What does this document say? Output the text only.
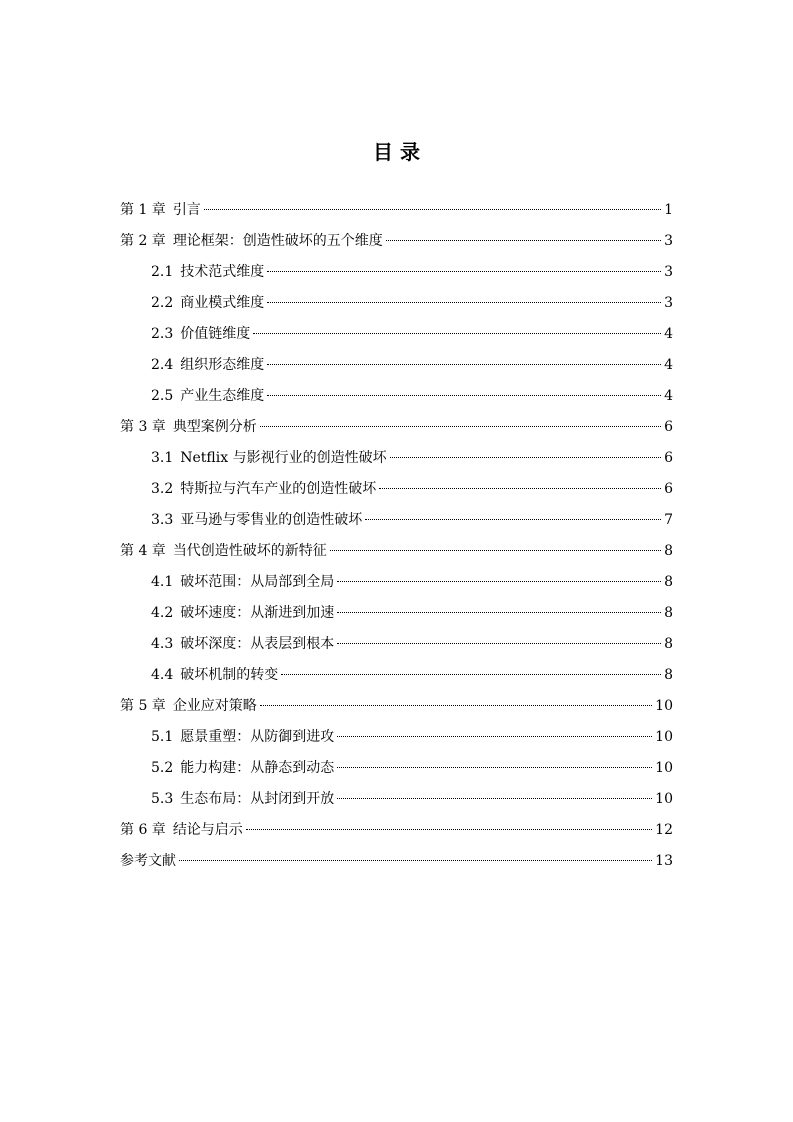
目 录
第 1 章 引言	1
第 2 章 理论框架：创造性破坏的五个维度	3
2.1 技术范式维度	3
2.2 商业模式维度	3
2.3 价值链维度	4
2.4 组织形态维度	4
2.5 产业生态维度	4
第 3 章 典型案例分析	6
3.1 Netflix 与影视行业的创造性破坏	6
3.2 特斯拉与汽车产业的创造性破坏	6
3.3 亚马逊与零售业的创造性破坏	7
第 4 章 当代创造性破坏的新特征	8
4.1 破坏范围：从局部到全局	8
4.2 破坏速度：从渐进到加速	8
4.3 破坏深度：从表层到根本	8
4.4 破坏机制的转变	8
第 5 章 企业应对策略	10
5.1 愿景重塑：从防御到进攻	10
5.2 能力构建：从静态到动态	10
5.3 生态布局：从封闭到开放	10
第 6 章 结论与启示	12
参考文献	13
